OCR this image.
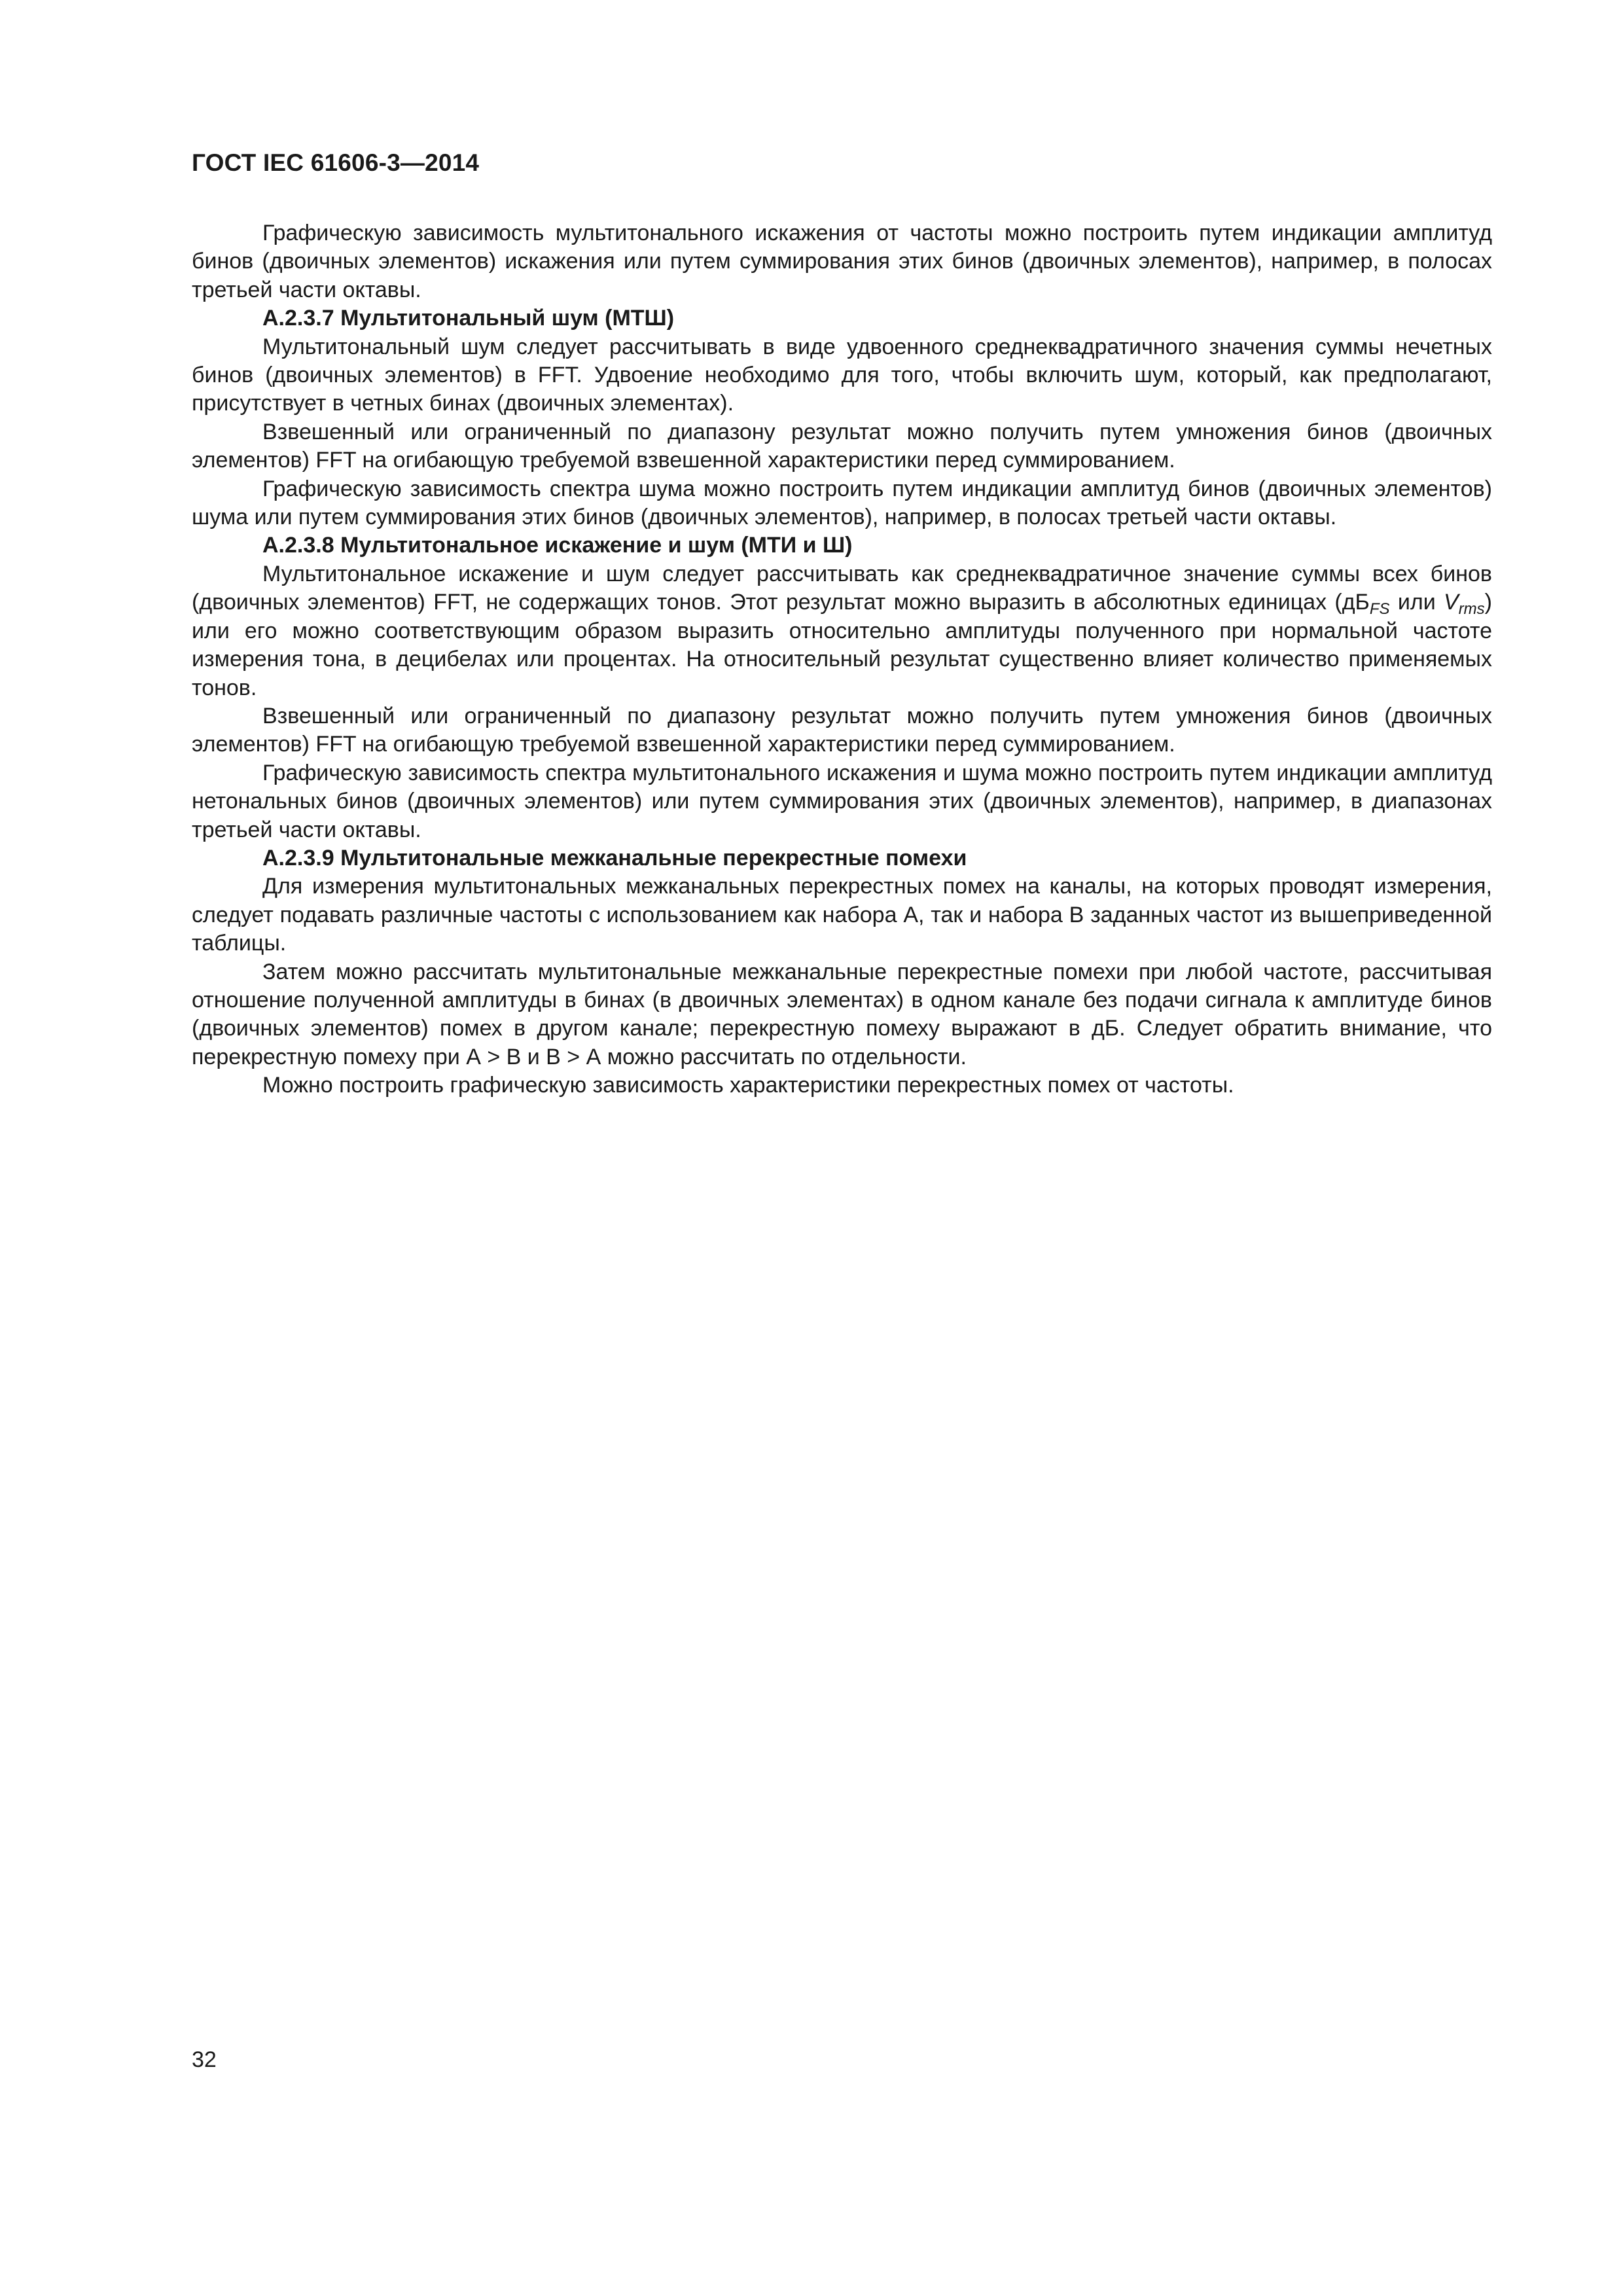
ГОСТ IEC 61606-3—2014

Графическую зависимость мультитонального искажения от частоты можно построить путем индикации амплитуд бинов (двоичных элементов) искажения или путем суммирования этих бинов (двоичных элементов), например, в полосах третьей части октавы.

А.2.3.7 Мультитональный шум (МТШ)

Мультитональный шум следует рассчитывать в виде удвоенного среднеквадратичного значения суммы нечетных бинов (двоичных элементов) в FFT. Удвоение необходимо для того, чтобы включить шум, который, как предполагают, присутствует в четных бинах (двоичных элементах).

Взвешенный или ограниченный по диапазону результат можно получить путем умножения бинов (двоичных элементов) FFT на огибающую требуемой взвешенной характеристики перед суммированием.

Графическую зависимость спектра шума можно построить путем индикации амплитуд бинов (двоичных элементов) шума или путем суммирования этих бинов (двоичных элементов), например, в полосах третьей части октавы.

А.2.3.8 Мультитональное искажение и шум (МТИ и Ш)

Мультитональное искажение и шум следует рассчитывать как среднеквадратичное значение суммы всех бинов (двоичных элементов) FFT, не содержащих тонов. Этот результат можно выразить в абсолютных единицах ($дБ_{FS}$ или $V_{rms}$) или его можно соответствующим образом выразить относительно амплитуды полученного при нормальной частоте измерения тона, в децибелах или процентах. На относительный результат существенно влияет количество применяемых тонов.

Взвешенный или ограниченный по диапазону результат можно получить путем умножения бинов (двоичных элементов) FFT на огибающую требуемой взвешенной характеристики перед суммированием.

Графическую зависимость спектра мультитонального искажения и шума можно построить путем индикации амплитуд нетональных бинов (двоичных элементов) или путем суммирования этих (двоичных элементов), например, в диапазонах третьей части октавы.

А.2.3.9 Мультитональные межканальные перекрестные помехи

Для измерения мультитональных межканальных перекрестных помех на каналы, на которых проводят измерения, следует подавать различные частоты с использованием как набора А, так и набора В заданных частот из вышеприведенной таблицы.

Затем можно рассчитать мультитональные межканальные перекрестные помехи при любой частоте, рассчитывая отношение полученной амплитуды в бинах (в двоичных элементах) в одном канале без подачи сигнала к амплитуде бинов (двоичных элементов) помех в другом канале; перекрестную помеху выражают в дБ. Следует обратить внимание, что перекрестную помеху при А > В и В > А можно рассчитать по отдельности.

Можно построить графическую зависимость характеристики перекрестных помех от частоты.

32
